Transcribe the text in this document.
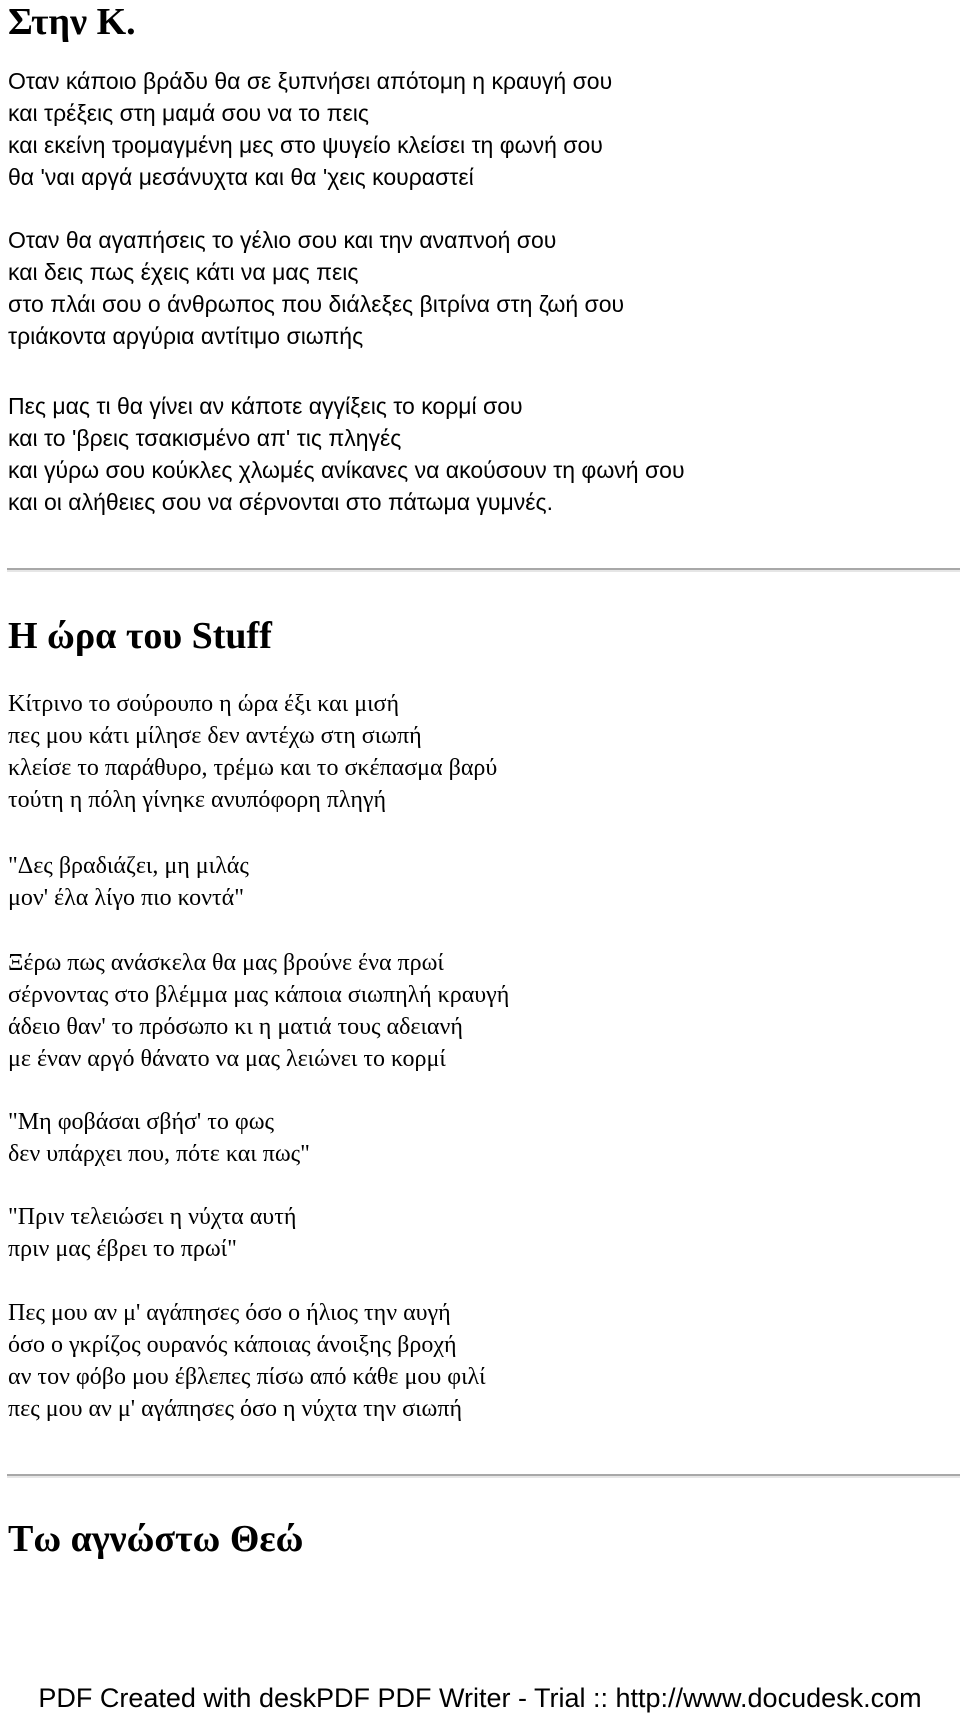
Στην Κ.
Οταν κάποιο βράδυ θα σε ξυπνήσει απότομη η κραυγή σου
και τρέξεις στη μαμά σου να το πεις
και εκείνη τρομαγμένη μες στο ψυγείο κλείσει τη φωνή σου
θα 'ναι αργά μεσάνυχτα και θα 'χεις κουραστεί
Οταν θα αγαπήσεις το γέλιο σου και την αναπνοή σου
και δεις πως έχεις κάτι να μας πεις
στο πλάι σου ο άνθρωπος που διάλεξες βιτρίνα στη ζωή σου
τριάκοντα αργύρια αντίτιμο σιωπής
Πες μας τι θα γίνει αν κάποτε αγγίξεις το κορμί σου
και το 'βρεις τσακισμένο απ' τις πληγές
και γύρω σου κούκλες χλωμές ανίκανες να ακούσουν τη φωνή σου
και οι αλήθειες σου να σέρνονται στο πάτωμα γυμνές.
Η ώρα του Stuff
Κίτρινο το σούρουπο η ώρα έξι και μισή
πες μου κάτι μίλησε δεν αντέχω στη σιωπή
κλείσε το παράθυρο, τρέμω και το σκέπασμα βαρύ
τούτη η πόλη γίνηκε ανυπόφορη πληγή
"Δες βραδιάζει, μη μιλάς
μον' έλα λίγο πιο κοντά"
Ξέρω πως ανάσκελα θα μας βρούνε ένα πρωί
σέρνοντας στο βλέμμα μας κάποια σιωπηλή κραυγή
άδειο θαν' το πρόσωπο κι η ματιά τους αδειανή
με έναν αργό θάνατο να μας λειώνει το κορμί
"Μη φοβάσαι σβήσ' το φως
δεν υπάρχει που, πότε και πως"
"Πριν τελειώσει η νύχτα αυτή
πριν μας έβρει το πρωί"
Πες μου αν μ' αγάπησες όσο ο ήλιος την αυγή
όσο ο γκρίζος ουρανός κάποιας άνοιξης βροχή
αν τον φόβο μου έβλεπες πίσω από κάθε μου φιλί
πες μου αν μ' αγάπησες όσο η νύχτα την σιωπή
Τω αγνώστω Θεώ
PDF Created with deskPDF PDF Writer - Trial :: http://www.docudesk.com
